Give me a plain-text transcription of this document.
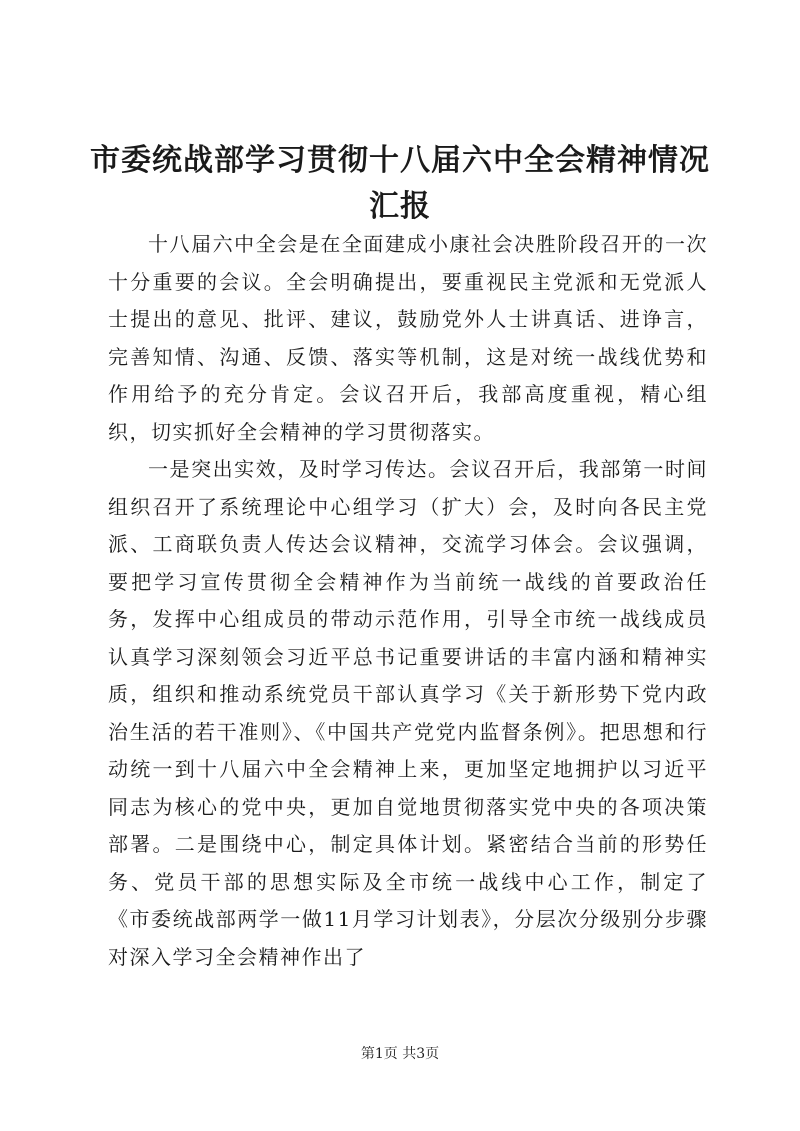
市委统战部学习贯彻十八届六中全会精神情况汇报

十八届六中全会是在全面建成小康社会决胜阶段召开的一次十分重要的会议。全会明确提出，要重视民主党派和无党派人士提出的意见、批评、建议，鼓励党外人士讲真话、进诤言，完善知情、沟通、反馈、落实等机制，这是对统一战线优势和作用给予的充分肯定。会议召开后，我部高度重视，精心组织，切实抓好全会精神的学习贯彻落实。

一是突出实效，及时学习传达。会议召开后，我部第一时间组织召开了系统理论中心组学习（扩大）会，及时向各民主党派、工商联负责人传达会议精神，交流学习体会。会议强调，要把学习宣传贯彻全会精神作为当前统一战线的首要政治任务，发挥中心组成员的带动示范作用，引导全市统一战线成员认真学习深刻领会习近平总书记重要讲话的丰富内涵和精神实质，组织和推动系统党员干部认真学习《关于新形势下党内政治生活的若干准则》、《中国共产党党内监督条例》。把思想和行动统一到十八届六中全会精神上来，更加坚定地拥护以习近平同志为核心的党中央，更加自觉地贯彻落实党中央的各项决策部署。二是围绕中心，制定具体计划。紧密结合当前的形势任务、党员干部的思想实际及全市统一战线中心工作，制定了《市委统战部两学一做11月学习计划表》，分层次分级别分步骤对深入学习全会精神作出了

第1页 共3页
